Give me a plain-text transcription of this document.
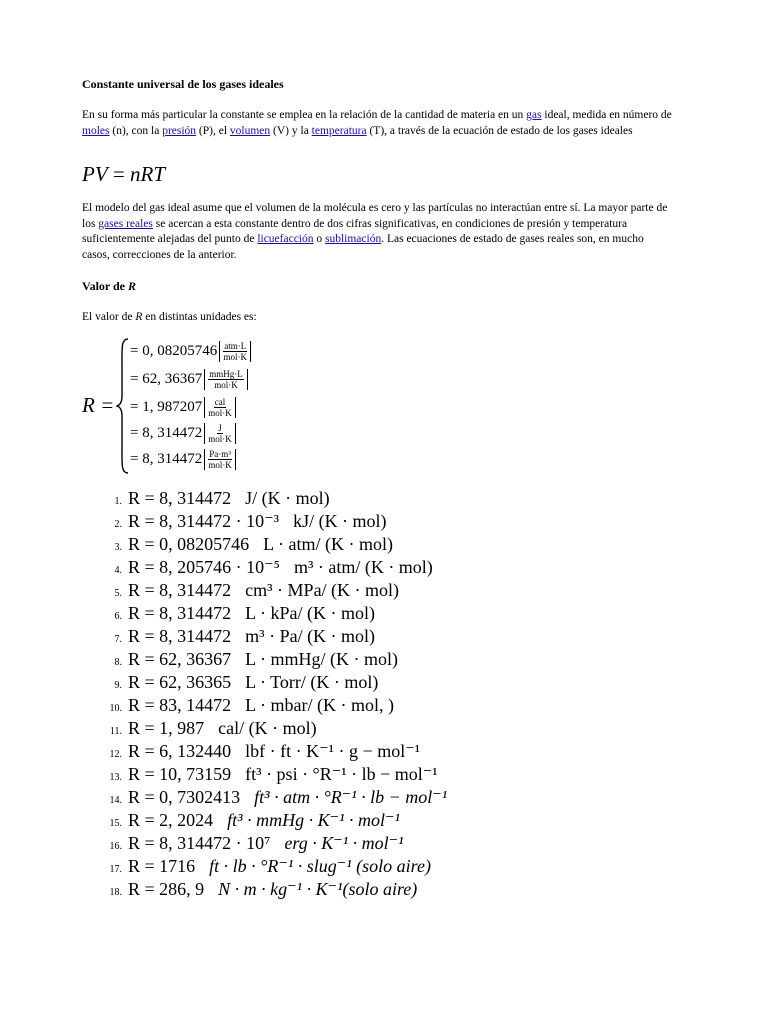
Constante universal de los gases ideales
En su forma más particular la constante se emplea en la relación de la cantidad de materia en un gas ideal, medida en número de moles (n), con la presión (P), el volumen (V) y la temperatura (T), a través de la ecuación de estado de los gases ideales
PV = nRT
El modelo del gas ideal asume que el volumen de la molécula es cero y las partículas no interactúan entre sí. La mayor parte de los gases reales se acercan a esta constante dentro de dos cifras significativas, en condiciones de presión y temperatura suficientemente alejadas del punto de licuefacción o sublimación. Las ecuaciones de estado de gases reales son, en mucho casos, correcciones de la anterior.
Valor de R
El valor de R en distintas unidades es:
R =
= 0, $08205746 \frac{\text{atm·L}}{\text{mol·K}}$
= 62, $36367 \frac{\text{mmHg·L}}{\text{mol·K}}$
= 1, $987207 \frac{\text{cal}}{\text{mol·K}}$
= 8, $314472 \frac{J}{\text{mol·K}}$
= 8, $314472 \frac{\text{Pa·m³}}{\text{mol·K}}$
1. R = 8, 314472 J/ (K · mol)
2. R = 8, 314472 · 10⁻³ kJ/ (K · mol)
3. R = 0, 08205746 L · atm/ (K · mol)
4. R = 8, 205746 · 10⁻⁵ m³ · atm/ (K · mol)
5. R = 8, 314472 cm³ · MPa/ (K · mol)
6. R = 8, 314472 L · kPa/ (K · mol)
7. R = 8, 314472 m³ · Pa/ (K · mol)
8. R = 62, 36367 L · mmHg/ (K · mol)
9. R = 62, 36365 L · Torr/ (K · mol)
10. R = 83, 14472 L · mbar/ (K · mol, )
11. R = 1, 987 cal/ (K · mol)
12. R = 6, 132440 lbf · ft · K⁻¹ · g − mol⁻¹
13. R = 10, 73159 ft³ · psi · °R⁻¹ · lb − mol⁻¹
14. R = 0, 7302413 ft³ · atm · °R⁻¹ · lb − mol⁻¹
15. R = 2, 2024 ft³ · mmHg · K⁻¹ · mol⁻¹
16. R = 8, 314472 · 10⁷ erg · K⁻¹ · mol⁻¹
17. R = 1716 ft · lb · °R⁻¹ · slug⁻¹ (solo aire)
18. R = 286, 9 N · m · kg⁻¹ · K⁻¹(solo aire)
